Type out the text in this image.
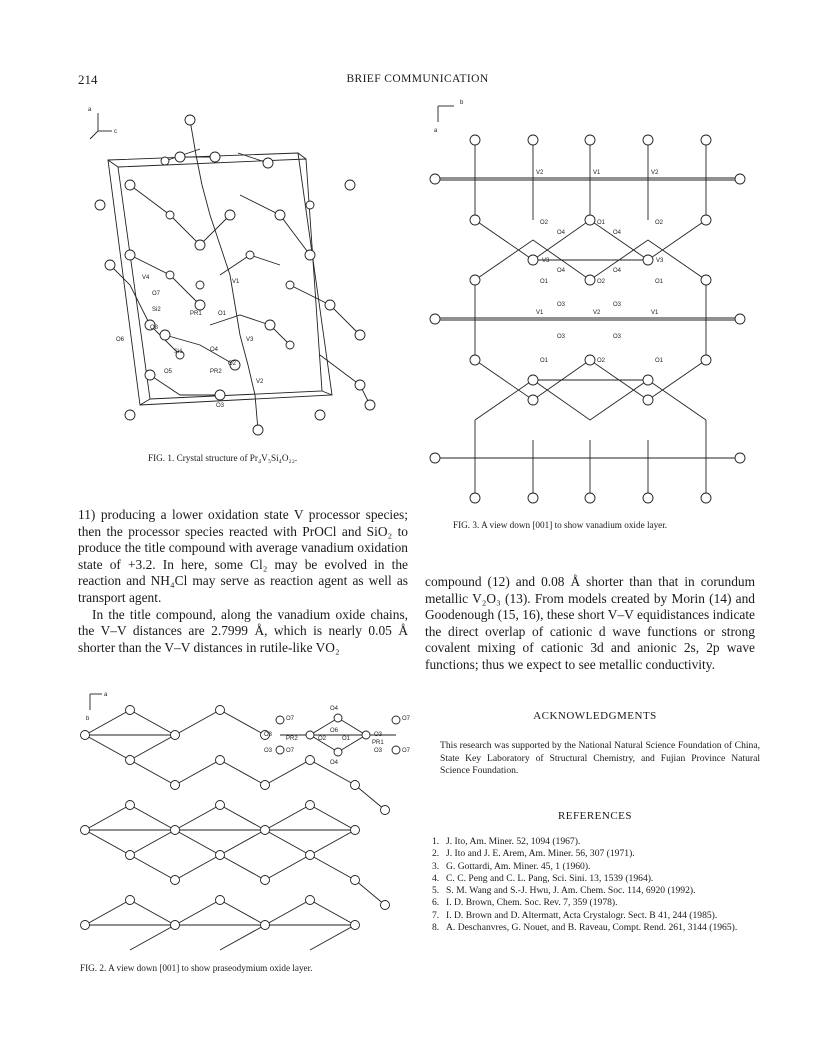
214	BRIEF COMMUNICATION
a
c
V4
O7
Si2
PR1	O1
O8
O6
Si1	O4
V1
V3
O2
O5	PR2
V2
O3
FIG. 1. Crystal structure of Pr₄V₅Si₄O₂₂.
b
a
V2	V1	V2
O2	O1	O2
O4	O4
V3	V3
O4	O4
O1	O2	O1
O3	O3
V1	V2	V1
O3	O3
O1	O2	O1
FIG. 3. A view down [001] to show vanadium oxide layer.

11) producing a lower oxidation state V processor species; then the processor species reacted with PrOCl and SiO₂ to produce the title compound with average vanadium oxidation state of +3.2. In here, some Cl₂ may be evolved in the reaction and NH₄Cl may serve as reaction agent as well as transport agent.

In the title compound, along the vanadium oxide chains, the V–V distances are 2.7999 Å, which is nearly 0.05 Å shorter than the V–V distances in rutile-like VO₂

compound (12) and 0.08 Å shorter than that in corundum metallic V₂O₃ (13). From models created by Morin (14) and Goodenough (15, 16), these short V–V equidistances indicate the direct overlap of cationic d wave functions or strong covalent mixing of cationic 3d and anionic 2s, 2p wave functions; thus we expect to see metallic conductivity.

a
b
O3
O7
O4
O3
O7
O6
PR2	O2	O1
PR1
O3 O7	O3	O7
O4
FIG. 2. A view down [001] to show praseodymium oxide layer.
ACKNOWLEDGMENTS
This research was supported by the National Natural Science Foundation of China, State Key Laboratory of Structural Chemistry, and Fujian Province Natural Science Foundation.
REFERENCES
1. J. Ito, Am. Miner. 52, 1094 (1967).
2. J. Ito and J. E. Arem, Am. Miner. 56, 307 (1971).
3. G. Gottardi, Am. Miner. 45, 1 (1960).
4. C. C. Peng and C. L. Pang, Sci. Sini. 13, 1539 (1964).
5. S. M. Wang and S.-J. Hwu, J. Am. Chem. Soc. 114, 6920 (1992).
6. I. D. Brown, Chem. Soc. Rev. 7, 359 (1978).
7. I. D. Brown and D. Altermatt, Acta Crystalogr. Sect. B 41, 244 (1985).
8. A. Deschanvres, G. Nouet, and B. Raveau, Compt. Rend. 261, 3144 (1965).
